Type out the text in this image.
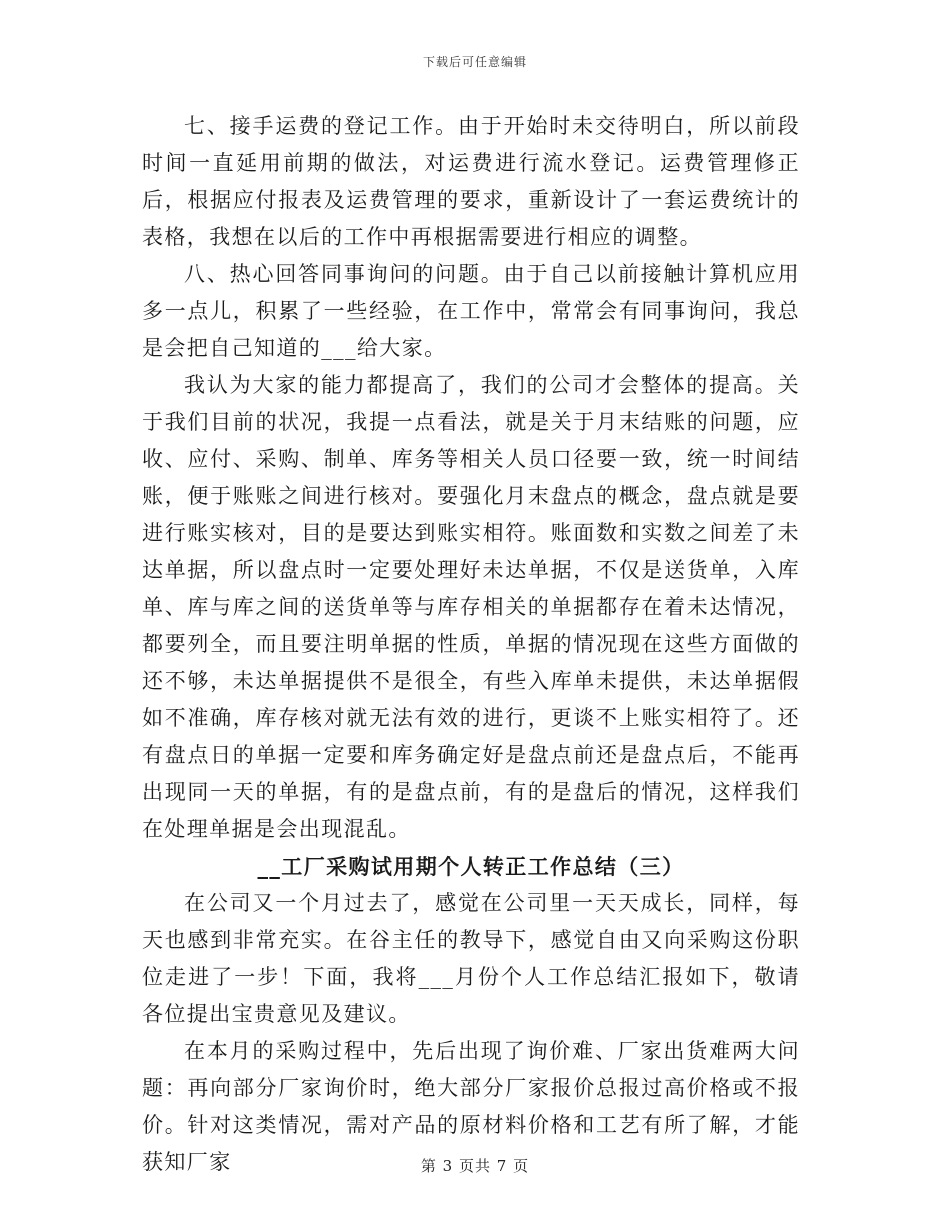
下载后可任意编辑

七、接手运费的登记工作。由于开始时未交待明白，所以前段时间一直延用前期的做法，对运费进行流水登记。运费管理修正后，根据应付报表及运费管理的要求，重新设计了一套运费统计的表格，我想在以后的工作中再根据需要进行相应的调整。

八、热心回答同事询问的问题。由于自己以前接触计算机应用多一点儿，积累了一些经验，在工作中，常常会有同事询问，我总是会把自己知道的___给大家。

我认为大家的能力都提高了，我们的公司才会整体的提高。关于我们目前的状况，我提一点看法，就是关于月末结账的问题，应收、应付、采购、制单、库务等相关人员口径要一致，统一时间结账，便于账账之间进行核对。要强化月末盘点的概念，盘点就是要进行账实核对，目的是要达到账实相符。账面数和实数之间差了未达单据，所以盘点时一定要处理好未达单据，不仅是送货单，入库单、库与库之间的送货单等与库存相关的单据都存在着未达情况，都要列全，而且要注明单据的性质，单据的情况现在这些方面做的还不够，未达单据提供不是很全，有些入库单未提供，未达单据假如不准确，库存核对就无法有效的进行，更谈不上账实相符了。还有盘点日的单据一定要和库务确定好是盘点前还是盘点后，不能再出现同一天的单据，有的是盘点前，有的是盘后的情况，这样我们在处理单据是会出现混乱。

__工厂采购试用期个人转正工作总结（三）

在公司又一个月过去了，感觉在公司里一天天成长，同样，每天也感到非常充实。在谷主任的教导下，感觉自由又向采购这份职位走进了一步！下面，我将___月份个人工作总结汇报如下，敬请各位提出宝贵意见及建议。

在本月的采购过程中，先后出现了询价难、厂家出货难两大问题：再向部分厂家询价时，绝大部分厂家报价总报过高价格或不报价。针对这类情况，需对产品的原材料价格和工艺有所了解，才能获知厂家	第 3 页共 7 页
